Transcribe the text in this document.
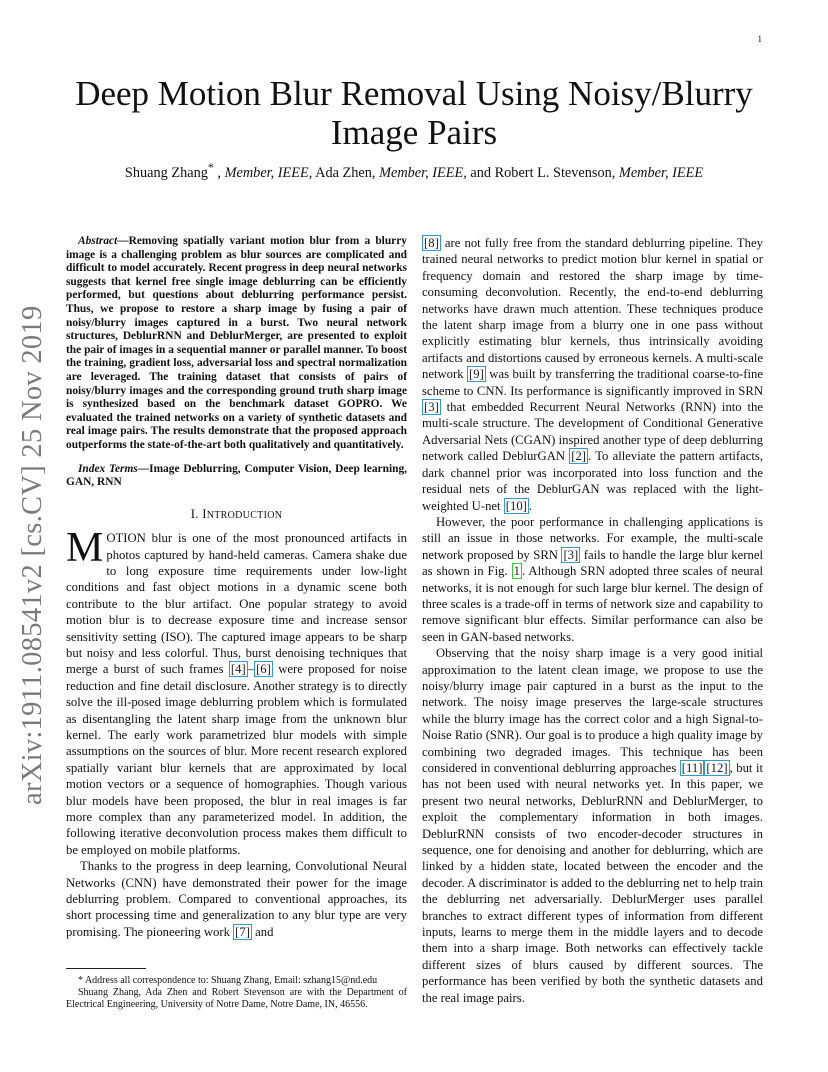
1
arXiv:1911.08541v2 [cs.CV] 25 Nov 2019
Deep Motion Blur Removal Using Noisy/Blurry
Image Pairs
Shuang Zhang* , Member, IEEE, Ada Zhen, Member, IEEE, and Robert L. Stevenson, Member, IEEE

Abstract—Removing spatially variant motion blur from a blurry image is a challenging problem as blur sources are complicated and difficult to model accurately. Recent progress in deep neural networks suggests that kernel free single image deblurring can be efficiently performed, but questions about deblurring performance persist. Thus, we propose to restore a sharp image by fusing a pair of noisy/blurry images captured in a burst. Two neural network structures, DeblurRNN and DeblurMerger, are presented to exploit the pair of images in a sequential manner or parallel manner. To boost the training, gradient loss, adversarial loss and spectral normalization are leveraged. The training dataset that consists of pairs of noisy/blurry images and the corresponding ground truth sharp image is synthesized based on the benchmark dataset GOPRO. We evaluated the trained networks on a variety of synthetic datasets and real image pairs. The results demonstrate that the proposed approach outperforms the state-of-the-art both qualitatively and quantitatively.

Index Terms—Image Deblurring, Computer Vision, Deep learning, GAN, RNN

I. INTRODUCTION

MOTION blur is one of the most pronounced artifacts in photos captured by hand-held cameras. Camera shake due to long exposure time requirements under low-light conditions and fast object motions in a dynamic scene both contribute to the blur artifact. One popular strategy to avoid motion blur is to decrease exposure time and increase sensor sensitivity setting (ISO). The captured image appears to be sharp but noisy and less colorful. Thus, burst denoising techniques that merge a burst of such frames [4] – [6] were proposed for noise reduction and fine detail disclosure. Another strategy is to directly solve the ill-posed image deblurring problem which is formulated as disentangling the latent sharp image from the unknown blur kernel. The early work parametrized blur models with simple assumptions on the sources of blur. More recent research explored spatially variant blur kernels that are approximated by local motion vectors or a sequence of homographies. Though various blur models have been proposed, the blur in real images is far more complex than any parameterized model. In addition, the following iterative deconvolution process makes them difficult to be employed on mobile platforms.

Thanks to the progress in deep learning, Convolutional Neural Networks (CNN) have demonstrated their power for the image deblurring problem. Compared to conventional approaches, its short processing time and generalization to any blur type are very promising. The pioneering work [7] and

* Address all correspondence to: Shuang Zhang, Email: szhang15@nd.edu

Shuang Zhang, Ada Zhen and Robert Stevenson are with the Department of Electrical Engineering, University of Notre Dame, Notre Dame, IN, 46556.

[8] are not fully free from the standard deblurring pipeline. They trained neural networks to predict motion blur kernel in spatial or frequency domain and restored the sharp image by time-consuming deconvolution. Recently, the end-to-end deblurring networks have drawn much attention. These techniques produce the latent sharp image from a blurry one in one pass without explicitly estimating blur kernels, thus intrinsically avoiding artifacts and distortions caused by erroneous kernels. A multi-scale network [9] was built by transferring the traditional coarse-to-fine scheme to CNN. Its performance is significantly improved in SRN [3] that embedded Recurrent Neural Networks (RNN) into the multi-scale structure. The development of Conditional Generative Adversarial Nets (CGAN) inspired another type of deep deblurring network called DeblurGAN [2] . To alleviate the pattern artifacts, dark channel prior was incorporated into loss function and the residual nets of the DeblurGAN was replaced with the light-weighted U-net [10] .

However, the poor performance in challenging applications is still an issue in those networks. For example, the multi-scale network proposed by SRN [3] fails to handle the large blur kernel as shown in Fig. 1 . Although SRN adopted three scales of neural networks, it is not enough for such large blur kernel. The design of three scales is a trade-off in terms of network size and capability to remove significant blur effects. Similar performance can also be seen in GAN-based networks.

Observing that the noisy sharp image is a very good initial approximation to the latent clean image, we propose to use the noisy/blurry image pair captured in a burst as the input to the network. The noisy image preserves the large-scale structures while the blurry image has the correct color and a high Signal-to-Noise Ratio (SNR). Our goal is to produce a high quality image by combining two degraded images. This technique has been considered in conventional deblurring approaches [11] [12] , but it has not been used with neural networks yet. In this paper, we present two neural networks, DeblurRNN and DeblurMerger, to exploit the complementary information in both images. DeblurRNN consists of two encoder-decoder structures in sequence, one for denoising and another for deblurring, which are linked by a hidden state, located between the encoder and the decoder. A discriminator is added to the deblurring net to help train the deblurring net adversarially. DeblurMerger uses parallel branches to extract different types of information from different inputs, learns to merge them in the middle layers and to decode them into a sharp image. Both networks can effectively tackle different sizes of blurs caused by different sources. The performance has been verified by both the synthetic datasets and the real image pairs.
